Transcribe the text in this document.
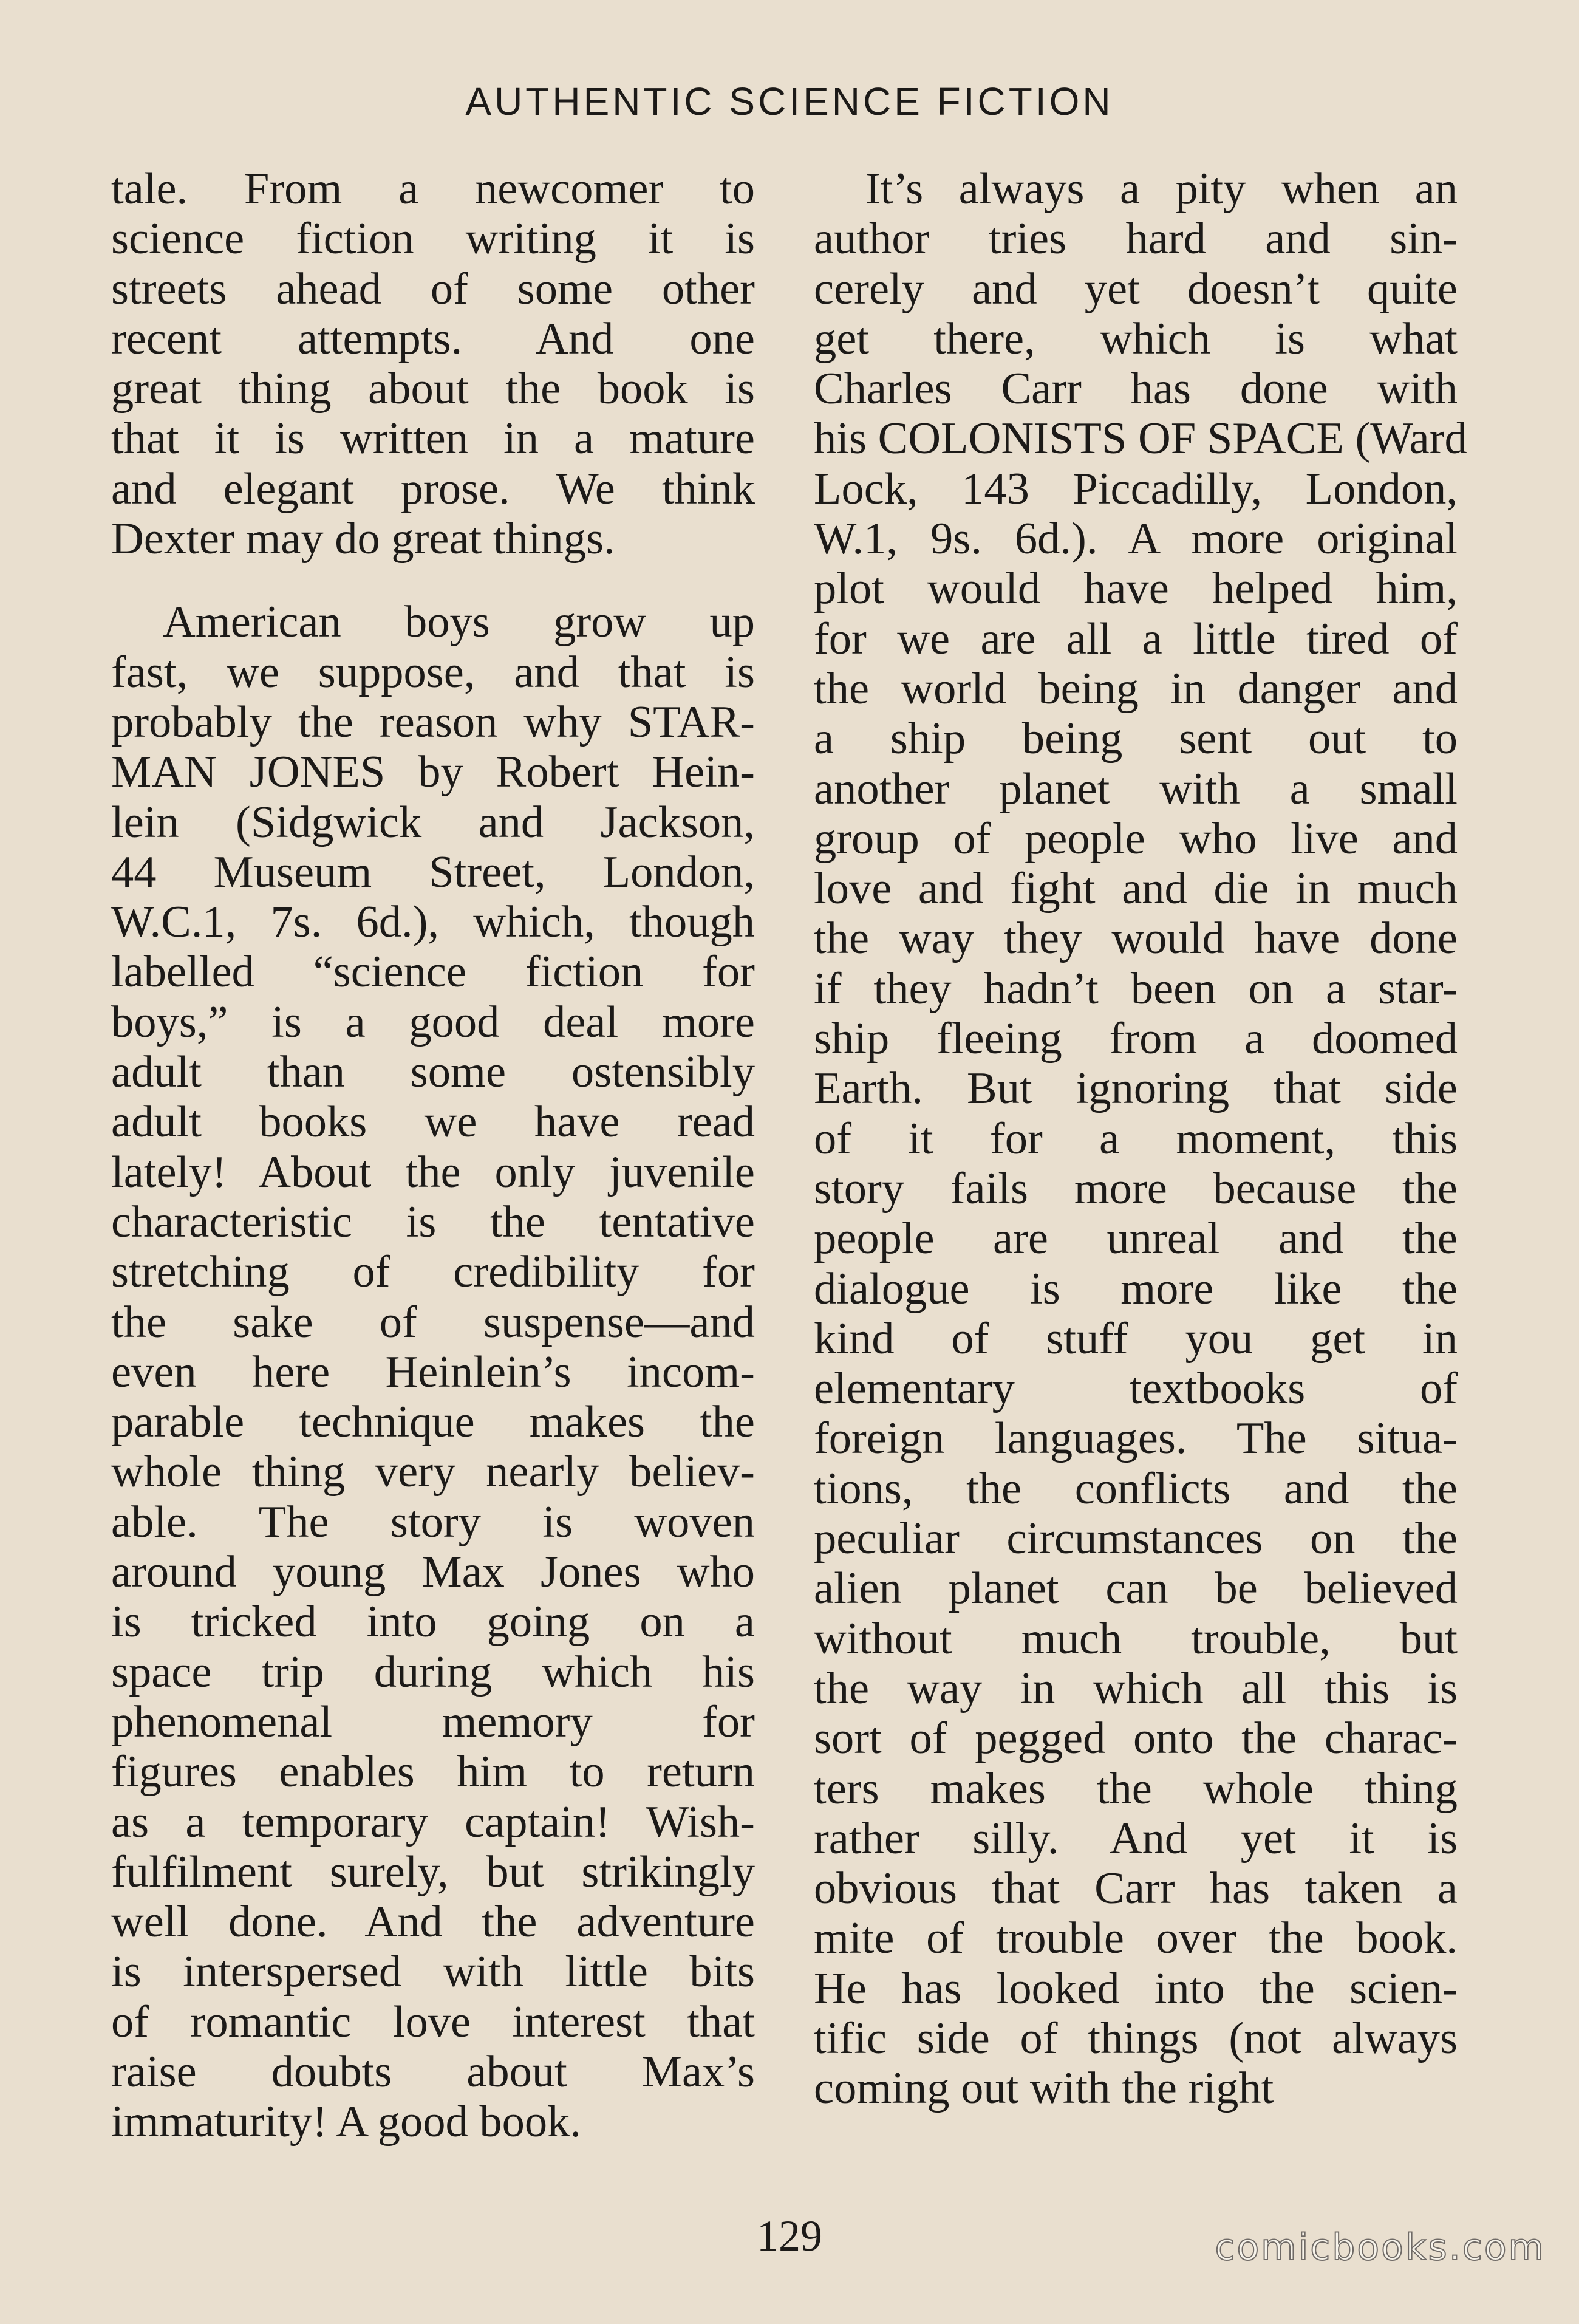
AUTHENTIC SCIENCE FICTION
tale. From a newcomer to
science fiction writing it is
streets ahead of some other
recent attempts. And one
great thing about the book is
that it is written in a mature
and elegant prose. We think
Dexter may do great things.
American boys grow up
fast, we suppose, and that is
probably the reason why STAR-
MAN JONES by Robert Hein-
lein (Sidgwick and Jackson,
44 Museum Street, London,
W.C.1, 7s. 6d.), which, though
labelled “science fiction for
boys,” is a good deal more
adult than some ostensibly
adult books we have read
lately! About the only juvenile
characteristic is the tentative
stretching of credibility for
the sake of suspense—and
even here Heinlein’s incom-
parable technique makes the
whole thing very nearly believ-
able. The story is woven
around young Max Jones who
is tricked into going on a
space trip during which his
phenomenal memory for
figures enables him to return
as a temporary captain! Wish-
fulfilment surely, but strikingly
well done. And the adventure
is interspersed with little bits
of romantic love interest that
raise doubts about Max’s
immaturity! A good book.
It’s always a pity when an
author tries hard and sin-
cerely and yet doesn’t quite
get there, which is what
Charles Carr has done with
his COLONISTS OF SPACE (Ward
Lock, 143 Piccadilly, London,
W.1, 9s. 6d.). A more original
plot would have helped him,
for we are all a little tired of
the world being in danger and
a ship being sent out to
another planet with a small
group of people who live and
love and fight and die in much
the way they would have done
if they hadn’t been on a star-
ship fleeing from a doomed
Earth. But ignoring that side
of it for a moment, this
story fails more because the
people are unreal and the
dialogue is more like the
kind of stuff you get in
elementary textbooks of
foreign languages. The situa-
tions, the conflicts and the
peculiar circumstances on the
alien planet can be believed
without much trouble, but
the way in which all this is
sort of pegged onto the charac-
ters makes the whole thing
rather silly. And yet it is
obvious that Carr has taken a
mite of trouble over the book.
He has looked into the scien-
tific side of things (not always
coming out with the right
129	comicbooks.com
